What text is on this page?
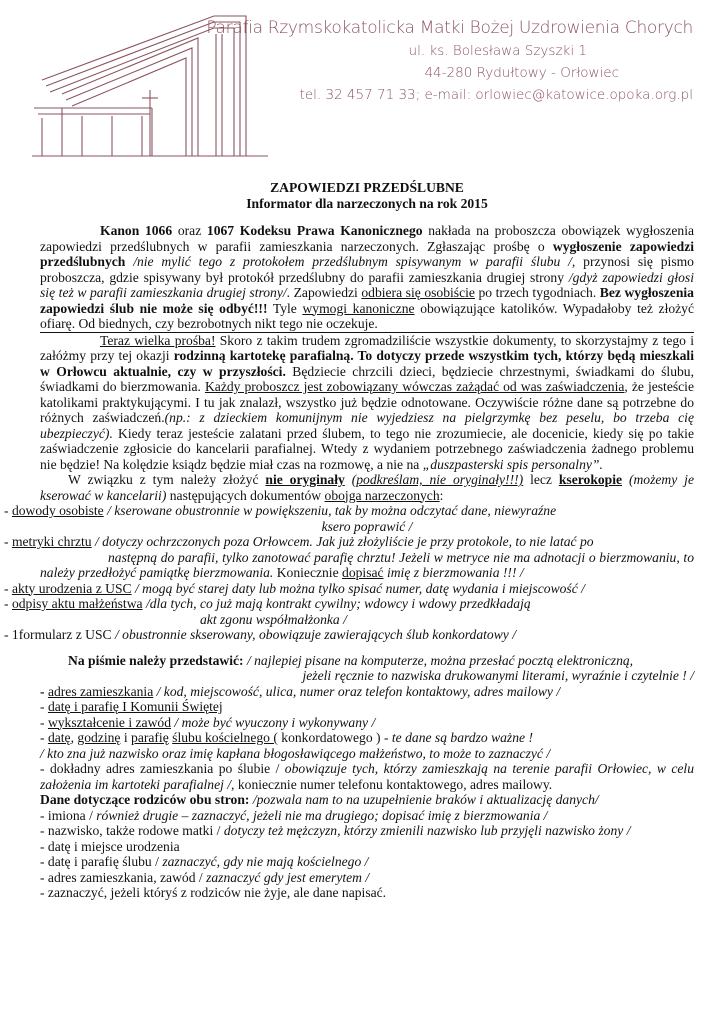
Parafia Rzymskokatolicka Matki Bożej Uzdrowienia Chorych
ul. ks. Bolesława Szyszki 1
44-280 Rydułtowy - Orłowiec
tel. 32 457 71 33; e-mail: orlowiec@katowice.opoka.org.pl

ZAPOWIEDZI PRZEDŚLUBNE

Informator dla narzeczonych na rok 2015

Kanon 1066 oraz 1067 Kodeksu Prawa Kanonicznego nakłada na proboszcza obowiązek wygłoszenia zapowiedzi przedślubnych w parafii zamieszkania narzeczonych. Zgłaszając prośbę o wygłoszenie zapowiedzi przedślubnych /nie mylić tego z protokołem przedślubnym spisywanym w parafii ślubu /, przynosi się pismo proboszcza, gdzie spisywany był protokół przedślubny do parafii zamieszkania drugiej strony /gdyż zapowiedzi głosi się też w parafii zamieszkania drugiej strony/. Zapowiedzi odbiera się osobiście po trzech tygodniach. Bez wygłoszenia zapowiedzi ślub nie może się odbyć!!! Tyle wymogi kanoniczne obowiązujące katolików. Wypadałoby też złożyć ofiarę. Od biednych, czy bezrobotnych nikt tego nie oczekuje.

Teraz wielka prośba! Skoro z takim trudem zgromadziliście wszystkie dokumenty, to skorzystajmy z tego i załóżmy przy tej okazji rodzinną kartotekę parafialną. To dotyczy przede wszystkim tych, którzy będą mieszkali w Orłowcu aktualnie, czy w przyszłości. Będziecie chrzcili dzieci, będziecie chrzestnymi, świadkami do ślubu, świadkami do bierzmowania. Każdy proboszcz jest zobowiązany wówczas zażądać od was zaświadczenia, że jesteście katolikami praktykującymi. I tu jak znalazł, wszystko już będzie odnotowane. Oczywiście różne dane są potrzebne do różnych zaświadczeń.(np.: z dzieckiem komunijnym nie wyjedziesz na pielgrzymkę bez peselu, bo trzeba cię ubezpieczyć). Kiedy teraz jesteście zalatani przed ślubem, to tego nie zrozumiecie, ale docenicie, kiedy się po takie zaświadczenie zgłosicie do kancelarii parafialnej. Wtedy z wydaniem potrzebnego zaświadczenia żadnego problemu nie będzie! Na kolędzie ksiądz będzie miał czas na rozmowę, a nie na „duszpasterski spis personalny”.

W związku z tym należy złożyć nie oryginały (podkreślam, nie oryginały!!!) lecz kserokopie (możemy je kserować w kancelarii) następujących dokumentów obojga narzeczonych:

- dowody osobiste / kserowane obustronnie w powiększeniu, tak by można odczytać dane, niewyraźne

ksero poprawić /

- metryki chrztu / dotyczy ochrzczonych poza Orłowcem. Jak już złożyliście je przy protokole, to nie latać po

następną do parafii, tylko zanotować parafię chrztu! Jeżeli w metryce nie ma adnotacji o bierzmowaniu, to należy przedłożyć pamiątkę bierzmowania. Koniecznie dopisać imię z bierzmowania !!! /

- akty urodzenia z USC / mogą być starej daty lub można tylko spisać numer, datę wydania i miejscowość /

- odpisy aktu małżeństwa /dla tych, co już mają kontrakt cywilny; wdowcy i wdowy przedkładają

akt zgonu współmałżonka /

- 1formularz z USC / obustronnie skserowany, obowiązuje zawierających ślub konkordatowy /

Na piśmie należy przedstawić: / najlepiej pisane na komputerze, można przesłać pocztą elektroniczną,

jeżeli ręcznie to nazwiska drukowanymi literami, wyraźnie i czytelnie ! /

- adres zamieszkania / kod, miejscowość, ulica, numer oraz telefon kontaktowy, adres mailowy /

- datę i parafię I Komunii Świętej

- wykształcenie i zawód / może być wyuczony i wykonywany /

- datę, godzinę i parafię ślubu kościelnego ( konkordatowego ) - te dane są bardzo ważne !

/ kto zna już nazwisko oraz imię kapłana błogosławiącego małżeństwo, to może to zaznaczyć /

- dokładny adres zamieszkania po ślubie / obowiązuje tych, którzy zamieszkają na terenie parafii Orłowiec, w celu założenia im kartoteki parafialnej /, koniecznie numer telefonu kontaktowego, adres mailowy.

Dane dotyczące rodziców obu stron: /pozwala nam to na uzupełnienie braków i aktualizację danych/

- imiona / również drugie – zaznaczyć, jeżeli nie ma drugiego; dopisać imię z bierzmowania /

- nazwisko, także rodowe matki / dotyczy też mężczyzn, którzy zmienili nazwisko lub przyjęli nazwisko żony /

- datę i miejsce urodzenia

- datę i parafię ślubu / zaznaczyć, gdy nie mają kościelnego /

- adres zamieszkania, zawód / zaznaczyć gdy jest emerytem /

- zaznaczyć, jeżeli któryś z rodziców nie żyje, ale dane napisać.
